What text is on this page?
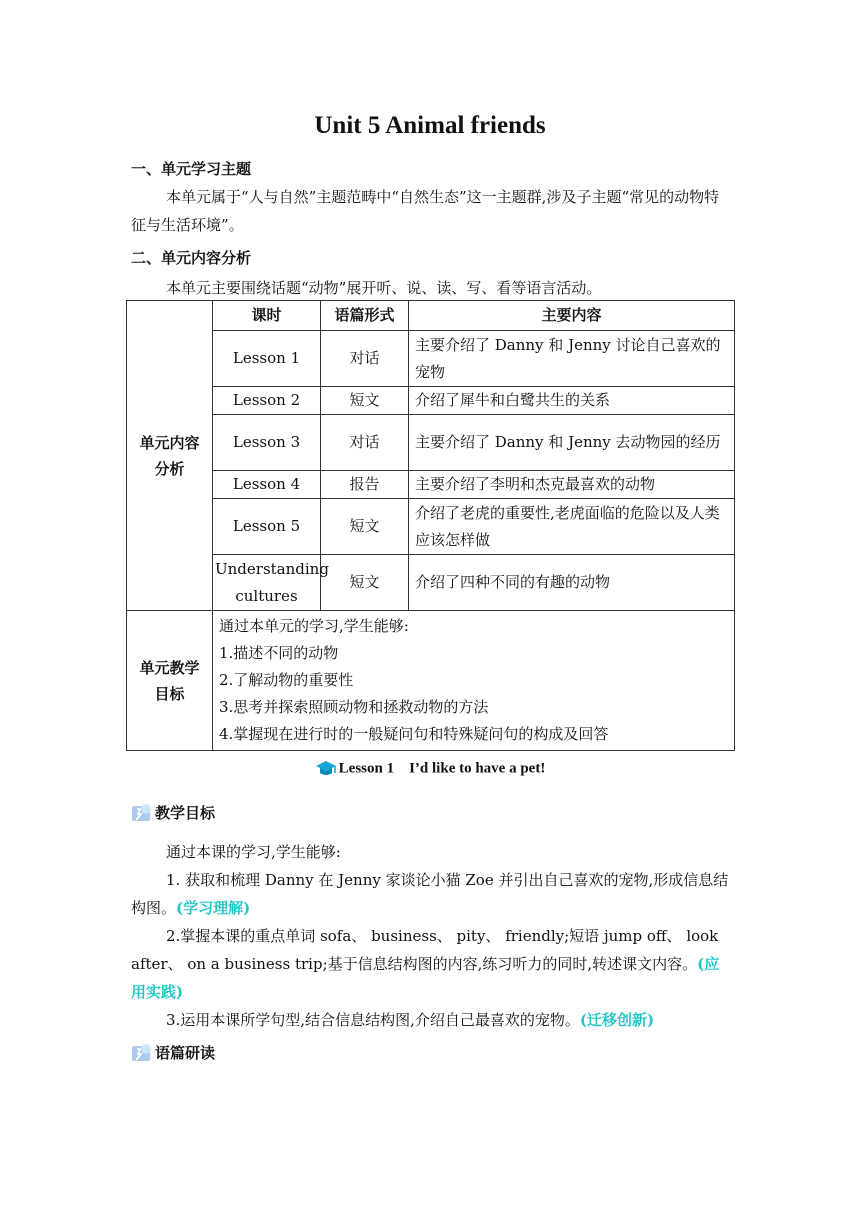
Unit 5 Animal friends
一、单元学习主题
本单元属于“人与自然”主题范畴中“自然生态”这一主题群,涉及子主题“常见的动物特征与生活环境”。
二、单元内容分析
本单元主要围绕话题“动物”展开听、说、读、写、看等语言活动。
单元内容分析	课时	语篇形式	主要内容
	Lesson 1	对话	主要介绍了 Danny 和 Jenny 讨论自己喜欢的宠物
	Lesson 2	短文	介绍了犀牛和白鹭共生的关系
	Lesson 3	对话	主要介绍了 Danny 和 Jenny 去动物园的经历
	Lesson 4	报告	主要介绍了李明和杰克最喜欢的动物
	Lesson 5	短文	介绍了老虎的重要性,老虎面临的危险以及人类应该怎样做
	Understanding cultures	短文	介绍了四种不同的有趣的动物

单元教学目标	通过本单元的学习,学生能够:
1.描述不同的动物
2.了解动物的重要性
3.思考并探索照顾动物和拯救动物的方法
4.掌握现在进行时的一般疑问句和特殊疑问句的构成及回答		
Lesson 1    I’d like to have a pet!
教学目标
通过本课的学习,学生能够:
1. 获取和梳理 Danny 在 Jenny 家谈论小猫 Zoe 并引出自己喜欢的宠物,形成信息结构图。(学习理解)
2.掌握本课的重点单词 sofa、 business、 pity、 friendly;短语 jump off、 look after、 on a business trip;基于信息结构图的内容,练习听力的同时,转述课文内容。(应用实践)
3.运用本课所学句型,结合信息结构图,介绍自己最喜欢的宠物。(迁移创新)
语篇研读
